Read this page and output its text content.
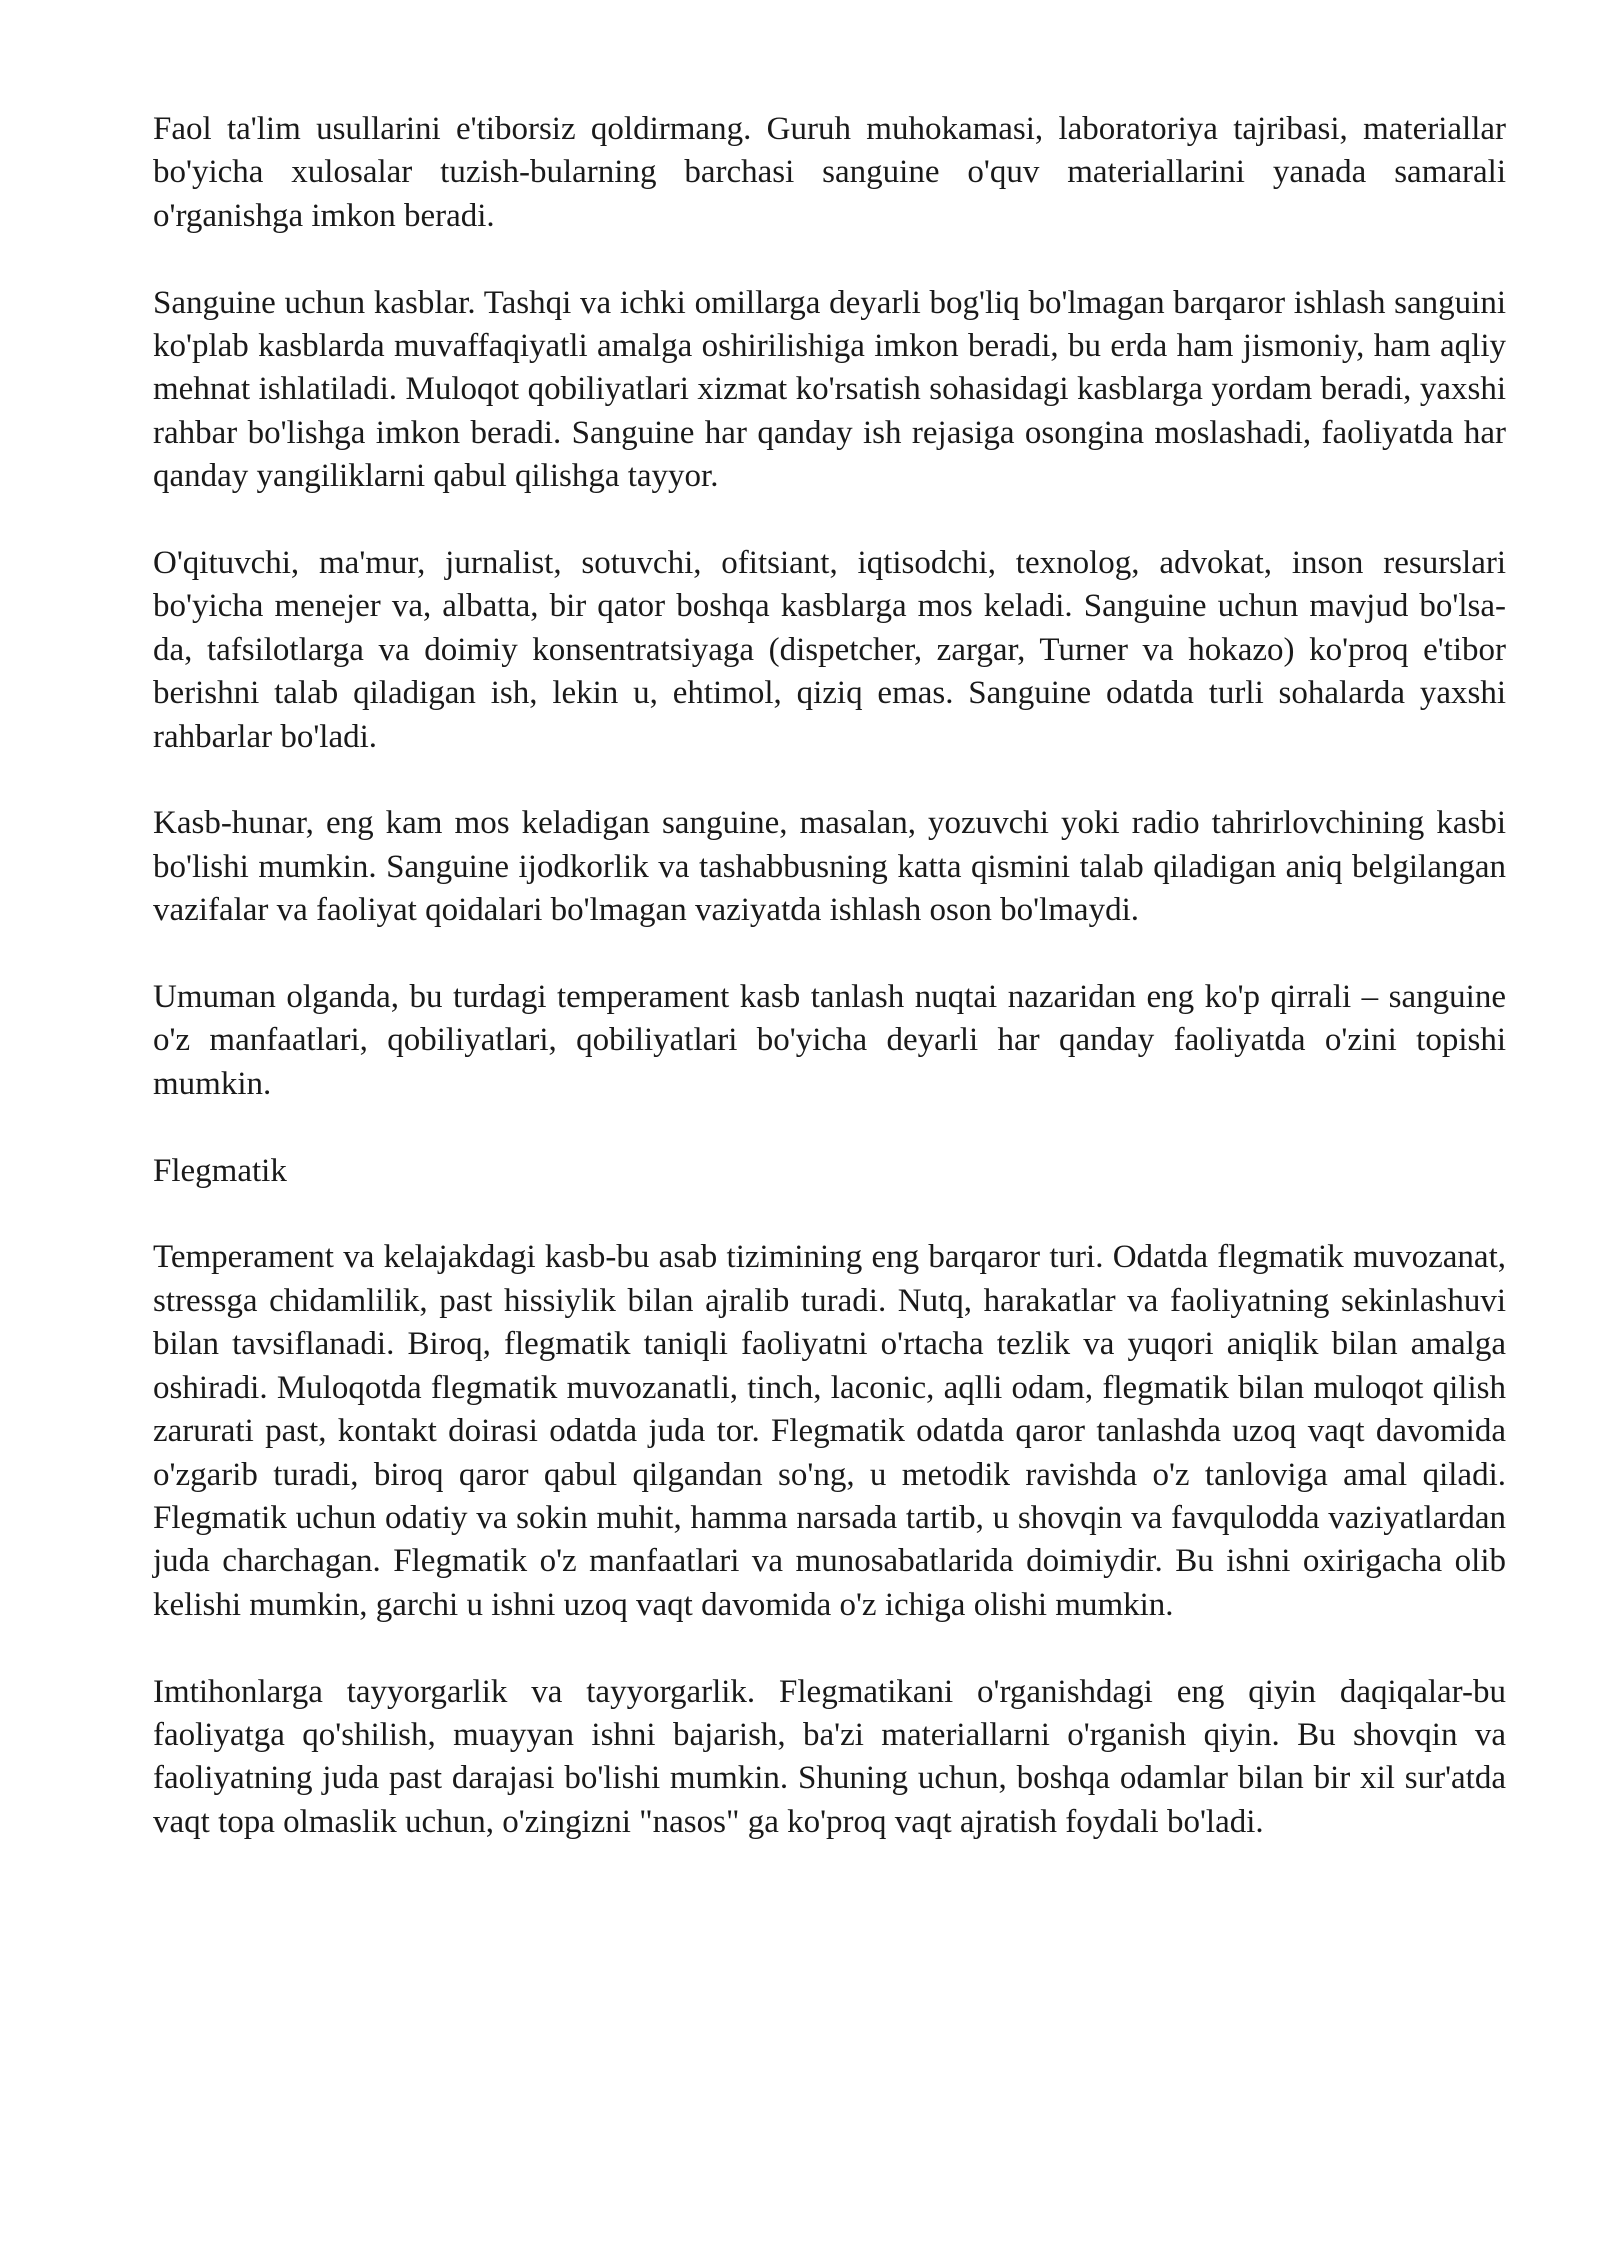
Faol ta'lim usullarini e'tiborsiz qoldirmang. Guruh muhokamasi, laboratoriya tajribasi, materiallar bo'yicha xulosalar tuzish-bularning barchasi sanguine o'quv materiallarini yanada samarali o'rganishga imkon beradi.

Sanguine uchun kasblar. Tashqi va ichki omillarga deyarli bog'liq bo'lmagan barqaror ishlash sanguini ko'plab kasblarda muvaffaqiyatli amalga oshirilishiga imkon beradi, bu erda ham jismoniy, ham aqliy mehnat ishlatiladi. Muloqot qobiliyatlari xizmat ko'rsatish sohasidagi kasblarga yordam beradi, yaxshi rahbar bo'lishga imkon beradi. Sanguine har qanday ish rejasiga osongina moslashadi, faoliyatda har qanday yangiliklarni qabul qilishga tayyor.

O'qituvchi, ma'mur, jurnalist, sotuvchi, ofitsiant, iqtisodchi, texnolog, advokat, inson resurslari bo'yicha menejer va, albatta, bir qator boshqa kasblarga mos keladi. Sanguine uchun mavjud bo'lsa-da, tafsilotlarga va doimiy konsentratsiyaga (dispetcher, zargar, Turner va hokazo) ko'proq e'tibor berishni talab qiladigan ish, lekin u, ehtimol, qiziq emas. Sanguine odatda turli sohalarda yaxshi rahbarlar bo'ladi.

Kasb-hunar, eng kam mos keladigan sanguine, masalan, yozuvchi yoki radio tahrirlovchining kasbi bo'lishi mumkin. Sanguine ijodkorlik va tashabbusning katta qismini talab qiladigan aniq belgilangan vazifalar va faoliyat qoidalari bo'lmagan vaziyatda ishlash oson bo'lmaydi.

Umuman olganda, bu turdagi temperament kasb tanlash nuqtai nazaridan eng ko'p qirrali – sanguine o'z manfaatlari, qobiliyatlari, qobiliyatlari bo'yicha deyarli har qanday faoliyatda o'zini topishi mumkin.

Flegmatik

Temperament va kelajakdagi kasb-bu asab tizimining eng barqaror turi. Odatda flegmatik muvozanat, stressga chidamlilik, past hissiylik bilan ajralib turadi. Nutq, harakatlar va faoliyatning sekinlashuvi bilan tavsiflanadi. Biroq, flegmatik taniqli faoliyatni o'rtacha tezlik va yuqori aniqlik bilan amalga oshiradi. Muloqotda flegmatik muvozanatli, tinch, laconic, aqlli odam, flegmatik bilan muloqot qilish zarurati past, kontakt doirasi odatda juda tor. Flegmatik odatda qaror tanlashda uzoq vaqt davomida o'zgarib turadi, biroq qaror qabul qilgandan so'ng, u metodik ravishda o'z tanloviga amal qiladi. Flegmatik uchun odatiy va sokin muhit, hamma narsada tartib, u shovqin va favqulodda vaziyatlardan juda charchagan. Flegmatik o'z manfaatlari va munosabatlarida doimiydir. Bu ishni oxirigacha olib kelishi mumkin, garchi u ishni uzoq vaqt davomida o'z ichiga olishi mumkin.

Imtihonlarga tayyorgarlik va tayyorgarlik. Flegmatikani o'rganishdagi eng qiyin daqiqalar-bu faoliyatga qo'shilish, muayyan ishni bajarish, ba'zi materiallarni o'rganish qiyin. Bu shovqin va faoliyatning juda past darajasi bo'lishi mumkin. Shuning uchun, boshqa odamlar bilan bir xil sur'atda vaqt topa olmaslik uchun, o'zingizni "nasos" ga ko'proq vaqt ajratish foydali bo'ladi.
